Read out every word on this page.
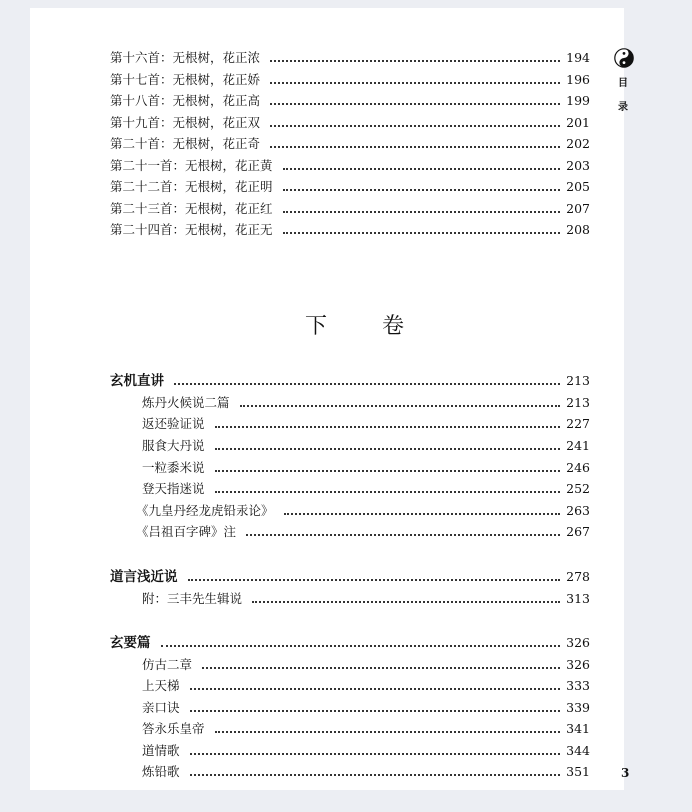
第十六首：无根树，花正浓	194
第十七首：无根树，花正娇	196
第十八首：无根树，花正高	199
第十九首：无根树，花正双	201
第二十首：无根树，花正奇	202
第二十一首：无根树，花正黄	203
第二十二首：无根树，花正明	205
第二十三首：无根树，花正红	207
第二十四首：无根树，花正无	208
下 卷
玄机直讲	213
炼丹火候说二篇	213
返还验证说	227
服食大丹说	241
一粒黍米说	246
登天指迷说	252
《九皇丹经龙虎铅汞论》	263
《吕祖百字碑》注	267
道言浅近说	278
附：三丰先生辑说	313
玄要篇	326
仿古二章	326
上天梯	333
亲口诀	339
答永乐皇帝	341
道情歌	344
炼铅歌	351
目
录
3
